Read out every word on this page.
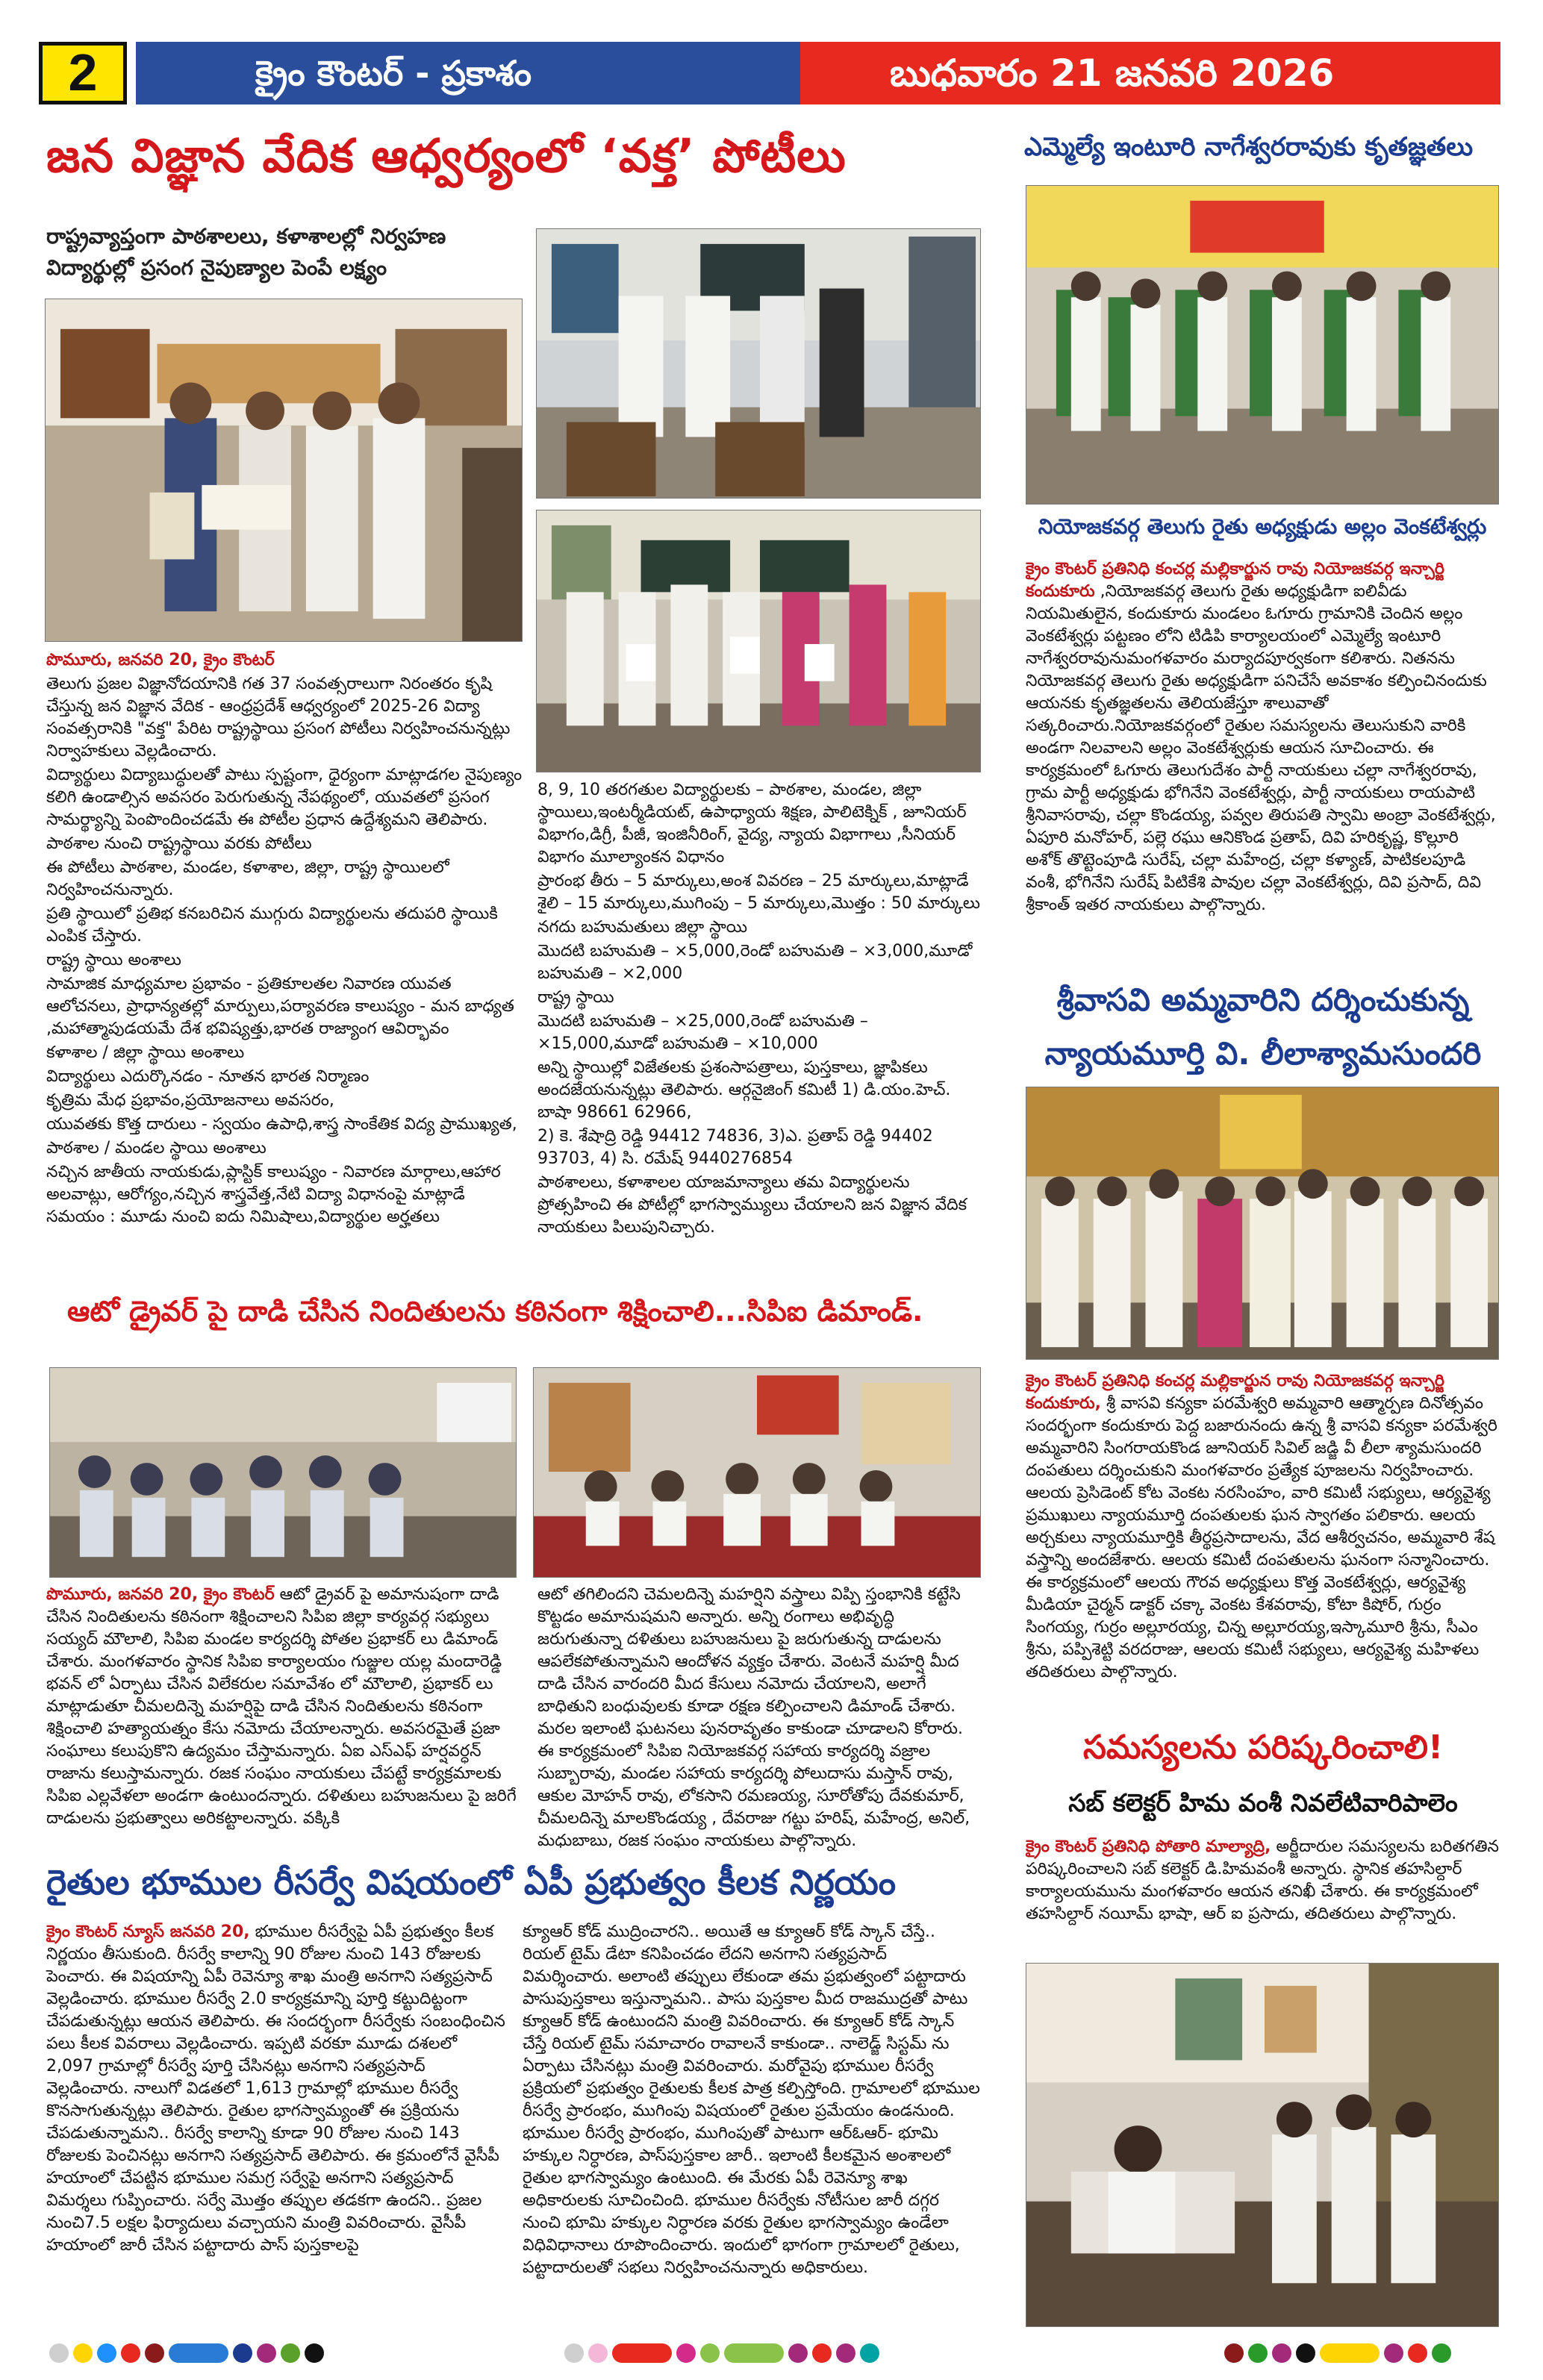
2	క్రైం కౌంటర్ - ప్రకాశం	బుధవారం 21 జనవరి 2026
జన విజ్ఞాన వేదిక ఆధ్వర్యంలో ‘వక్త’ పోటీలు
రాష్ట్రవ్యాప్తంగా పాఠశాలలు, కళాశాలల్లో నిర్వహణ
విద్యార్థుల్లో ప్రసంగ నైపుణ్యాల పెంపే లక్ష్యం

పొమూరు, జనవరి 20, క్రైం కౌంటర్

తెలుగు ప్రజల విజ్ఞానోదయానికి గత 37 సంవత్సరాలుగా నిరంతరం కృషి చేస్తున్న జన విజ్ఞాన వేదిక - ఆంధ్రప్రదేశ్ ఆధ్వర్యంలో 2025-26 విద్యా సంవత్సరానికి "వక్త" పేరిట రాష్ట్రస్థాయి ప్రసంగ పోటీలు నిర్వహించనున్నట్లు నిర్వాహకులు వెల్లడించారు.

విద్యార్థులు విద్యాబుద్ధులతో పాటు స్పష్టంగా, ధైర్యంగా మాట్లాడగల నైపుణ్యం కలిగి ఉండాల్సిన అవసరం పెరుగుతున్న నేపథ్యంలో, యువతలో ప్రసంగ సామర్థ్యాన్ని పెంపొందించడమే ఈ పోటీల ప్రధాన ఉద్దేశ్యమని తెలిపారు.

పాఠశాల నుంచి రాష్ట్రస్థాయి వరకు పోటీలు

ఈ పోటీలు పాఠశాల, మండల, కళాశాల, జిల్లా, రాష్ట్ర స్థాయిలలో నిర్వహించనున్నారు.

ప్రతి స్థాయిలో ప్రతిభ కనబరిచిన ముగ్గురు విద్యార్థులను తదుపరి స్థాయికి ఎంపిక చేస్తారు.

రాష్ట్ర స్థాయి అంశాలు

సామాజిక మాధ్యమాల ప్రభావం - ప్రతికూలతల నివారణ యువత ఆలోచనలు, ప్రాధాన్యతల్లో మార్పులు,పర్యావరణ కాలుష్యం - మన బాధ్యత ,మహాత్మాపుడయమే దేశ భవిష్యత్తు,భారత రాజ్యాంగ ఆవిర్భావం

కళాశాల / జిల్లా స్థాయి అంశాలు

విద్యార్థులు ఎదుర్కొనడం - నూతన భారత నిర్మాణం

కృత్రిమ మేధ ప్రభావం,ప్రయోజనాలు అవసరం,

యువతకు కొత్త దారులు - స్వయం ఉపాధి,శాస్త్ర సాంకేతిక విద్య ప్రాముఖ్యత,

పాఠశాల / మండల స్థాయి అంశాలు

నచ్చిన జాతీయ నాయకుడు,ప్లాస్టిక్ కాలుష్యం - నివారణ మార్గాలు,ఆహార అలవాట్లు, ఆరోగ్యం,నచ్చిన శాస్త్రవేత్త,నేటి విద్యా విధానంపై మాట్లాడే సమయం : మూడు నుంచి ఐదు నిమిషాలు,విద్యార్థుల అర్హతలు

8, 9, 10 తరగతుల విద్యార్థులకు – పాఠశాల, మండల, జిల్లా స్థాయిలు,ఇంటర్మీడియట్, ఉపాధ్యాయ శిక్షణ, పాలిటెక్నిక్ , జూనియర్ విభాగం,డిగ్రీ, పీజీ, ఇంజినీరింగ్, వైద్య, న్యాయ విభాగాలు ,సీనియర్ విభాగం మూల్యాంకన విధానం

ప్రారంభ తీరు – 5 మార్కులు,అంశ వివరణ – 25 మార్కులు,మాట్లాడే శైలి – 15 మార్కులు,ముగింపు – 5 మార్కులు,మొత్తం : 50 మార్కులు

నగదు బహుమతులు జిల్లా స్థాయి

మొదటి బహుమతి – ×5,000,రెండో బహుమతి – ×3,000,మూడో బహుమతి – ×2,000

రాష్ట్ర స్థాయి

మొదటి బహుమతి – ×25,000,రెండో బహుమతి – ×15,000,మూడో బహుమతి – ×10,000

అన్ని స్థాయిల్లో విజేతలకు ప్రశంసాపత్రాలు, పుస్తకాలు, జ్ఞాపికలు అందజేయనున్నట్లు తెలిపారు. ఆర్గనైజింగ్ కమిటీ 1) డి.యం.హెచ్. బాషా 98661 62966,

2) కె. శేషాద్రి రెడ్డి 94412 74836, 3)ఎ. ప్రతాప్ రెడ్డి 94402 93703, 4) సి. రమేష్ 9440276854

పాఠశాలలు, కళాశాలల యాజమాన్యాలు తమ విద్యార్థులను ప్రోత్సహించి ఈ పోటీల్లో భాగస్వామ్యులు చేయాలని జన విజ్ఞాన వేదిక నాయకులు పిలుపునిచ్చారు.

ఆటో డ్రైవర్ పై దాడి చేసిన నిందితులను కఠినంగా శిక్షించాలి...సిపిఐ డిమాండ్.
పొమూరు, జనవరి 20, క్రైం కౌంటర్ ఆటో డ్రైవర్ పై అమానుషంగా దాడి చేసిన నిందితులను కఠినంగా శిక్షించాలని సిపిఐ జిల్లా కార్యవర్గ సభ్యులు సయ్యద్ మౌలాలి, సిపిఐ మండల కార్యదర్శి పోతల ప్రభాకర్ లు డిమాండ్ చేశారు. మంగళవారం స్థానిక సిపిఐ కార్యాలయం గుజ్జుల యల్ల మందారెడ్డి భవన్ లో ఏర్పాటు చేసిన విలేకరుల సమావేశం లో మౌలాలి, ప్రభాకర్ లు మాట్లాడుతూ చీమలదిన్నె మహర్షిపై దాడి చేసిన నిందితులను కఠినంగా శిక్షించాలి హత్యాయత్నం కేసు నమోదు చేయాలన్నారు. అవసరమైతే ప్రజా సంఘాలు కలుపుకొని ఉద్యమం చేస్తామన్నారు. ఏఐ ఎస్ఎఫ్ హర్షవర్ధన్ రాజాను కలుస్తామన్నారు. రజక సంఘం నాయకులు చేపట్టే కార్యక్రమాలకు సిపిఐ ఎల్లవేళలా అండగా ఉంటుందన్నారు. దళితులు బహుజనులు పై జరిగే దాడులను ప్రభుత్వాలు అరికట్టాలన్నారు. వక్కికి
ఆటో తగిలిందని చెమలదిన్నె మహర్షిని వస్త్రాలు విప్పి స్తంభానికి కట్టేసి కొట్టడం అమానుషమని అన్నారు. అన్ని రంగాలు అభివృద్ధి జరుగుతున్నా దళితులు బహుజనులు పై జరుగుతున్న దాడులను ఆపలేకపోతున్నామని ఆందోళన వ్యక్తం చేశారు. వెంటనే మహర్షి మీద దాడి చేసిన వారందరి మీద కేసులు నమోదు చేయాలని, అలాగే బాధితుని బంధువులకు కూడా రక్షణ కల్పించాలని డిమాండ్ చేశారు. మరల ఇలాంటి ఘటనలు పునరావృతం కాకుండా చూడాలని కోరారు. ఈ కార్యక్రమంలో సిపిఐ నియోజకవర్గ సహాయ కార్యదర్శి వజ్రాల సుబ్బారావు, మండల సహాయ కార్యదర్శి పోలుదాసు మస్తాన్ రావు, ఆకుల మోహన్ రావు, లోకసాని రమణయ్య, సూరోతోపు దేవకుమార్, చీమలదిన్నె మాలకొండయ్య , దేవరాజు గట్టు హరిష్, మహేంద్ర, అనిల్, మధుబాబు, రజక సంఘం నాయకులు పాల్గొన్నారు.
రైతుల భూముల రీసర్వే విషయంలో ఏపీ ప్రభుత్వం కీలక నిర్ణయం
క్రైం కౌంటర్ న్యూస్ జనవరి 20, భూముల రీసర్వేపై ఏపీ ప్రభుత్వం కీలక నిర్ణయం తీసుకుంది. రీసర్వే కాలాన్ని 90 రోజుల నుంచి 143 రోజులకు పెంచారు. ఈ విషయాన్ని ఏపీ రెవెన్యూ శాఖ మంత్రి అనగాని సత్యప్రసాద్ వెల్లడించారు. భూముల రీసర్వే 2.0 కార్యక్రమాన్ని పూర్తి కట్టుదిట్టంగా చేపడుతున్నట్లు ఆయన తెలిపారు. ఈ సందర్భంగా రీసర్వేకు సంబంధించిన పలు కీలక వివరాలు వెల్లడించారు. ఇప్పటి వరకూ మూడు దశలలో 2,097 గ్రామాల్లో రీసర్వే పూర్తి చేసినట్లు అనగాని సత్యప్రసాద్ వెల్లడించారు. నాలుగో విడతలో 1,613 గ్రామాల్లో భూముల రీసర్వే కొనసాగుతున్నట్లు తెలిపారు. రైతుల భాగస్వామ్యంతో ఈ ప్రక్రియను చేపడుతున్నామని.. రీసర్వే కాలాన్ని కూడా 90 రోజుల నుంచి 143 రోజులకు పెంచినట్లు అనగాని సత్యప్రసాద్ తెలిపారు. ఈ క్రమంలోనే వైసీపీ హయాంలో చేపట్టిన భూముల సమగ్ర సర్వేపై అనగాని సత్యప్రసాద్ విమర్శలు గుప్పించారు. సర్వే మొత్తం తప్పుల తడకగా ఉందని.. ప్రజల నుంచి7.5 లక్షల ఫిర్యాదులు వచ్చాయని మంత్రి వివరించారు. వైసీపీ హయాంలో జారీ చేసిన పట్టాదారు పాస్ పుస్తకాలపై
క్యూఆర్ కోడ్ ముద్రించారని.. అయితే ఆ క్యూఆర్ కోడ్ స్కాన్ చేస్తే.. రియల్ టైమ్ డేటా కనిపించడం లేదని అనగాని సత్యప్రసాద్ విమర్శించారు. అలాంటి తప్పులు లేకుండా తమ ప్రభుత్వంలో పట్టాదారు పాసుపుస్తకాలు ఇస్తున్నామని.. పాసు పుస్తకాల మీద రాజముద్రతో పాటు క్యూఆర్ కోడ్ ఉంటుందని మంత్రి వివరించారు. ఈ క్యూఆర్ కోడ్ స్కాన్ చేస్తే రియల్ టైమ్ సమాచారం రావాలనే కాకుండా.. నాలెడ్జ్ సిస్టమ్ ను ఏర్పాటు చేసినట్లు మంత్రి వివరించారు. మరోవైపు భూముల రీసర్వే ప్రక్రియలో ప్రభుత్వం రైతులకు కీలక పాత్ర కల్పిస్తోంది. గ్రామాలలో భూముల రీసర్వే ప్రారంభం, ముగింపు విషయంలో రైతుల ప్రమేయం ఉండనుంది. భూముల రీసర్వే ప్రారంభం, ముగింపుతో పాటుగా ఆర్ఓఆర్- భూమి హక్కుల నిర్ధారణ, పాస్‌పుస్తకాల జారీ.. ఇలాంటి కీలకమైన అంశాలలో రైతుల భాగస్వామ్యం ఉంటుంది. ఈ మేరకు ఏపీ రెవెన్యూ శాఖ అధికారులకు సూచించింది. భూముల రీసర్వేకు నోటీసుల జారీ దగ్గర నుంచి భూమి హక్కుల నిర్ధారణ వరకు రైతుల భాగస్వామ్యం ఉండేలా విధివిధానాలు రూపొందించారు. ఇందులో భాగంగా గ్రామాలలో రైతులు, పట్టాదారులతో సభలు నిర్వహించనున్నారు అధికారులు.
ఎమ్మెల్యే ఇంటూరి నాగేశ్వరరావుకు కృతజ్ఞతలు
నియోజకవర్గ తెలుగు రైతు అధ్యక్షుడు అల్లం వెంకటేశ్వర్లు
క్రైం కౌంటర్ ప్రతినిధి కంచర్ల మల్లికార్జున రావు నియోజకవర్గ ఇన్చార్జి కందుకూరు ,నియోజకవర్గ తెలుగు రైతు అధ్యక్షుడిగా ఐలివీడు నియమితులైన, కందుకూరు మండలం ఓగూరు గ్రామానికి చెందిన అల్లం వెంకటేశ్వర్లు పట్టణం లోని టిడిపి కార్యాలయంలో ఎమ్మెల్యే ఇంటూరి నాగేశ్వరరావునుమంగళవారం మర్యాదపూర్వకంగా కలిశారు. నితనను నియోజకవర్గ తెలుగు రైతు అధ్యక్షుడిగా పనిచేసే అవకాశం కల్పించినందుకు ఆయనకు కృతజ్ఞతలను తెలియజేస్తూ శాలువాతో సత్కరించారు.నియోజకవర్గంలో రైతుల సమస్యలను తెలుసుకుని వారికి అండగా నిలవాలని అల్లం వెంకటేశ్వర్లుకు ఆయన సూచించారు. ఈ కార్యక్రమంలో ఓగూరు తెలుగుదేశం పార్టీ నాయకులు చల్లా నాగేశ్వరరావు, గ్రామ పార్టీ అధ్యక్షుడు భోగినేని వెంకటేశ్వర్లు, పార్టీ నాయకులు రాయపాటి శ్రీనివాసరావు, చల్లా కొండయ్య, పవ్వల తిరుపతి స్వామి అంబ్రా వెంకటేశ్వర్లు, ఏపూరి మనోహర్, పల్లె రఘు ఆనికొండ ప్రతాప్, దివి హరికృష్ణ, కొల్లూరి అశోక్ తొట్టెంపూడి సురేష్, చల్లా మహేంద్ర, చల్లా కళ్యాణ్, పాటికలపూడి వంశీ, భోగినేని సురేష్ పిటికేశి పావుల చల్లా వెంకటేశ్వర్లు, దివి ప్రసాద్, దివి శ్రీకాంత్ ఇతర నాయకులు పాల్గొన్నారు.
శ్రీవాసవి అమ్మవారిని దర్శించుకున్న
న్యాయమూర్తి వి. లీలాశ్యామసుందరి
క్రైం కౌంటర్ ప్రతినిధి కంచర్ల మల్లికార్జున రావు నియోజకవర్గ ఇన్చార్జి కందుకూరు, శ్రీ వాసవి కన్యకా పరమేశ్వరి అమ్మవారి ఆత్మార్పణ దినోత్సవం సందర్భంగా కందుకూరు పెద్ద బజారునందు ఉన్న శ్రీ వాసవి కన్యకా పరమేశ్వరి అమ్మవారిని సింగరాయకొండ జూనియర్ సివిల్ జడ్జి వీ లీలా శ్యామసుందరి దంపతులు దర్శించుకుని మంగళవారం ప్రత్యేక పూజలను నిర్వహించారు. ఆలయ ప్రెసిడెంట్ కోట వెంకట నరసింహం, వారి కమిటీ సభ్యులు, ఆర్యవైశ్య ప్రముఖులు న్యాయమూర్తి దంపతులకు ఘన స్వాగతం పలికారు. ఆలయ అర్చకులు న్యాయమూర్తికి తీర్థప్రసాదాలను, వేద ఆశీర్వచనం, అమ్మవారి శేష వస్త్రాన్ని అందజేశారు. ఆలయ కమిటీ దంపతులను ఘనంగా సన్మానించారు. ఈ కార్యక్రమంలో ఆలయ గౌరవ అధ్యక్షులు కొత్త వెంకటేశ్వర్లు, ఆర్యవైశ్య మీడియా చైర్మన్ డాక్టర్ చక్కా వెంకట కేశవరావు, కోటా కిషోర్, గుర్రం సింగయ్య, గుర్రం అల్లూరయ్య, చిన్న అల్లూరయ్య,ఇస్కామూరి శ్రీను, సీఎం శ్రీను, పప్పిశెట్టి వరదరాజు, ఆలయ కమిటీ సభ్యులు, ఆర్యవైశ్య మహిళలు తదితరులు పాల్గొన్నారు.
సమస్యలను పరిష్కరించాలి!
సబ్ కలెక్టర్ హిమ వంశీ నివలేటివారిపాలెం
క్రైం కౌంటర్ ప్రతినిధి పోతారి మాల్యాద్రి, అర్జీదారుల సమస్యలను బరితగతిన పరిష్కరించాలని సబ్ కలెక్టర్ డి.హిమవంశీ అన్నారు. స్థానిక తహసిల్దార్ కార్యాలయమును మంగళవారం ఆయన తనిఖీ చేశారు. ఈ కార్యక్రమంలో తహసిల్దార్ నయీమ్ భాషా, ఆర్ ఐ ప్రసాదు, తదితరులు పాల్గొన్నారు.
